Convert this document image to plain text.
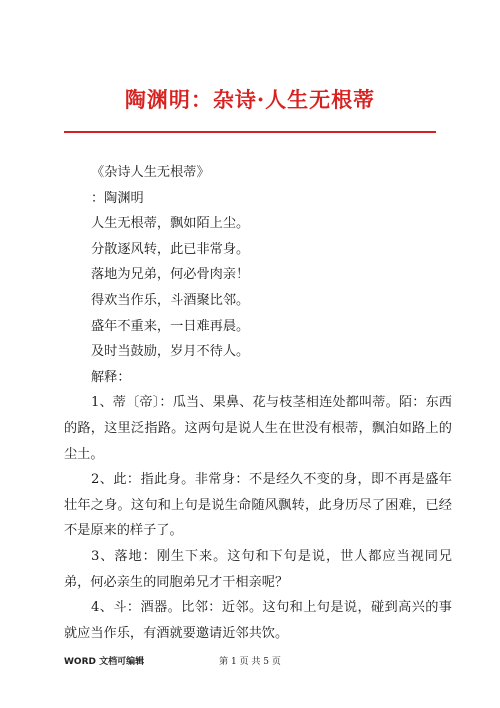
陶渊明：杂诗·人生无根蒂
《杂诗人生无根蒂》
：陶渊明
人生无根蒂，飘如陌上尘。
分散逐风转，此已非常身。
落地为兄弟，何必骨肉亲！
得欢当作乐，斗酒聚比邻。
盛年不重来，一日难再晨。
及时当鼓励，岁月不待人。
解释：
1、蒂〔帝〕：瓜当、果鼻、花与枝茎相连处都叫蒂。陌：东西的路，这里泛指路。这两句是说人生在世没有根蒂，飘泊如路上的尘土。
2、此：指此身。非常身：不是经久不变的身，即不再是盛年壮年之身。这句和上句是说生命随风飘转，此身历尽了困难，已经不是原来的样子了。
3、落地：刚生下来。这句和下句是说，世人都应当视同兄弟，何必亲生的同胞弟兄才干相亲呢？
4、斗：酒器。比邻：近邻。这句和上句是说，碰到高兴的事就应当作乐，有酒就要邀请近邻共饮。
WORD 文档可编辑	第 1 页 共 5 页
